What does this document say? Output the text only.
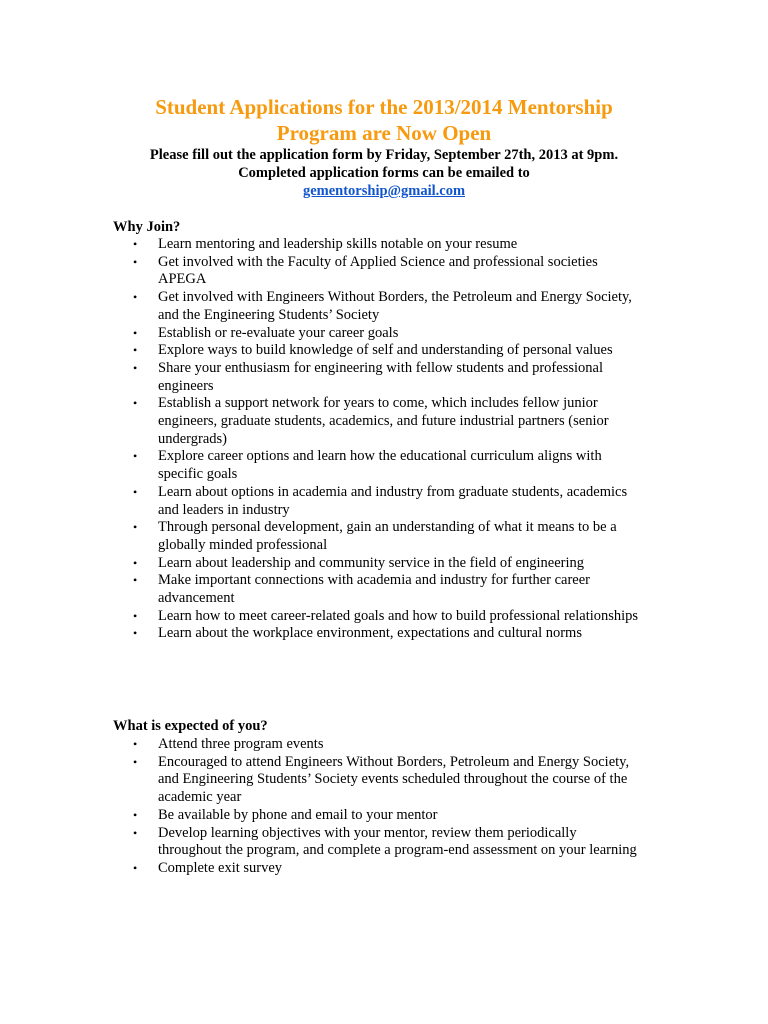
Student Applications for the 2013/2014 Mentorship Program are Now Open

Please fill out the application form by Friday, September 27th, 2013 at 9pm.

Completed application forms can be emailed to

gementorship@gmail.com

Why Join?

• Learn mentoring and leadership skills notable on your resume
• Get involved with the Faculty of Applied Science and professional societies APEGA
• Get involved with Engineers Without Borders, the Petroleum and Energy Society, and the Engineering Students’ Society
• Establish or re-evaluate your career goals
• Explore ways to build knowledge of self and understanding of personal values
• Share your enthusiasm for engineering with fellow students and professional engineers
• Establish a support network for years to come, which includes fellow junior engineers, graduate students, academics, and future industrial partners (senior undergrads)
• Explore career options and learn how the educational curriculum aligns with specific goals
• Learn about options in academia and industry from graduate students, academics and leaders in industry
• Through personal development, gain an understanding of what it means to be a globally minded professional
• Learn about leadership and community service in the field of engineering
• Make important connections with academia and industry for further career advancement
• Learn how to meet career-related goals and how to build professional relationships
• Learn about the workplace environment, expectations and cultural norms

What is expected of you?

• Attend three program events
• Encouraged to attend Engineers Without Borders, Petroleum and Energy Society, and Engineering Students’ Society events scheduled throughout the course of the academic year
• Be available by phone and email to your mentor
• Develop learning objectives with your mentor, review them periodically throughout the program, and complete a program-end assessment on your learning
• Complete exit survey
